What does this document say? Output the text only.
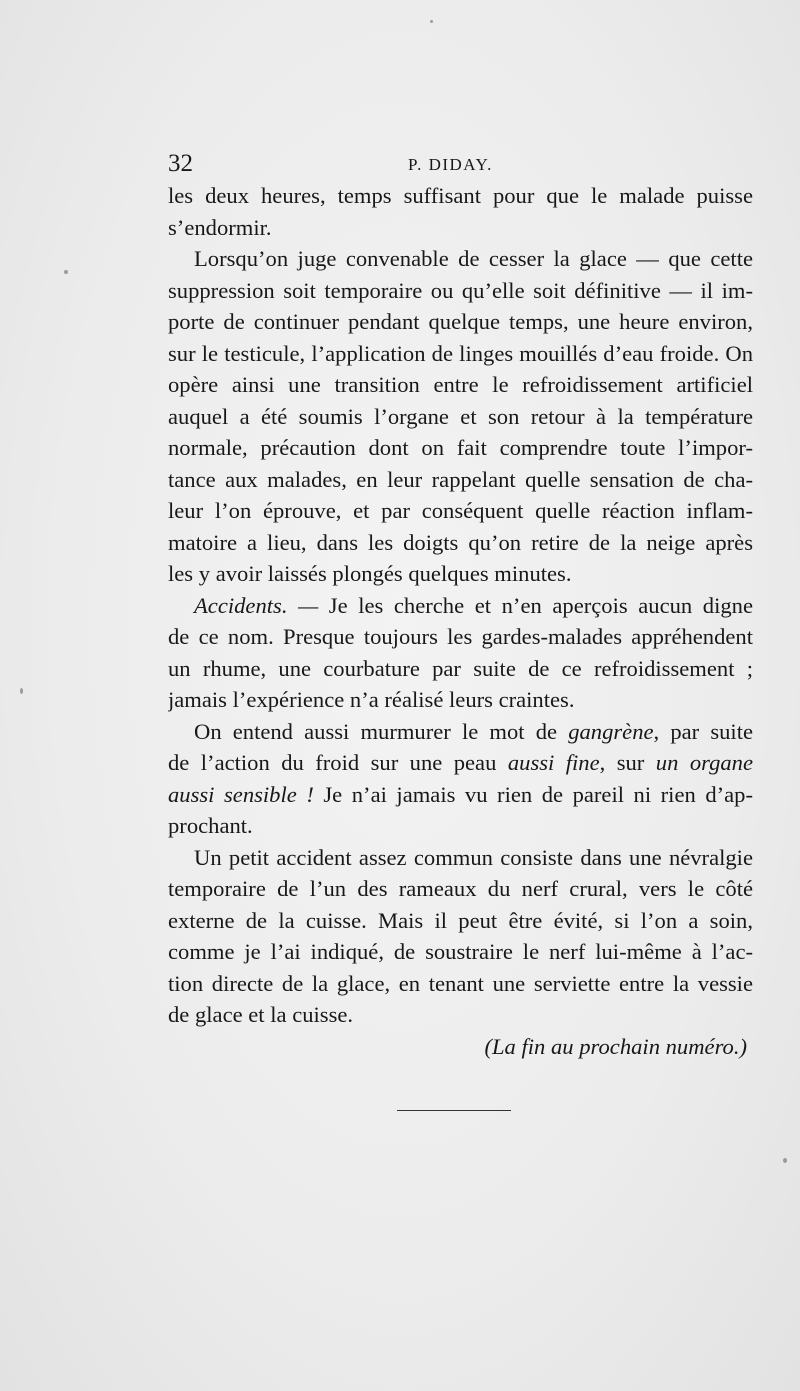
32	P. DIDAY.
les deux heures, temps suffisant pour que le malade puisse
s’endormir.
Lorsqu’on juge convenable de cesser la glace — que cette
suppression soit temporaire ou qu’elle soit définitive — il im-
porte de continuer pendant quelque temps, une heure environ,
sur le testicule, l’application de linges mouillés d’eau froide. On
opère ainsi une transition entre le refroidissement artificiel
auquel a été soumis l’organe et son retour à la température
normale, précaution dont on fait comprendre toute l’impor-
tance aux malades, en leur rappelant quelle sensation de cha-
leur l’on éprouve, et par conséquent quelle réaction inflam-
matoire a lieu, dans les doigts qu’on retire de la neige après
les y avoir laissés plongés quelques minutes.
Accidents. — Je les cherche et n’en aperçois aucun digne
de ce nom. Presque toujours les gardes-malades appréhendent
un rhume, une courbature par suite de ce refroidissement ;
jamais l’expérience n’a réalisé leurs craintes.
On entend aussi murmurer le mot de gangrène, par suite
de l’action du froid sur une peau aussi fine, sur un organe
aussi sensible ! Je n’ai jamais vu rien de pareil ni rien d’ap-
prochant.
Un petit accident assez commun consiste dans une névralgie
temporaire de l’un des rameaux du nerf crural, vers le côté
externe de la cuisse. Mais il peut être évité, si l’on a soin,
comme je l’ai indiqué, de soustraire le nerf lui-même à l’ac-
tion directe de la glace, en tenant une serviette entre la vessie
de glace et la cuisse.
(La fin au prochain numéro.)
